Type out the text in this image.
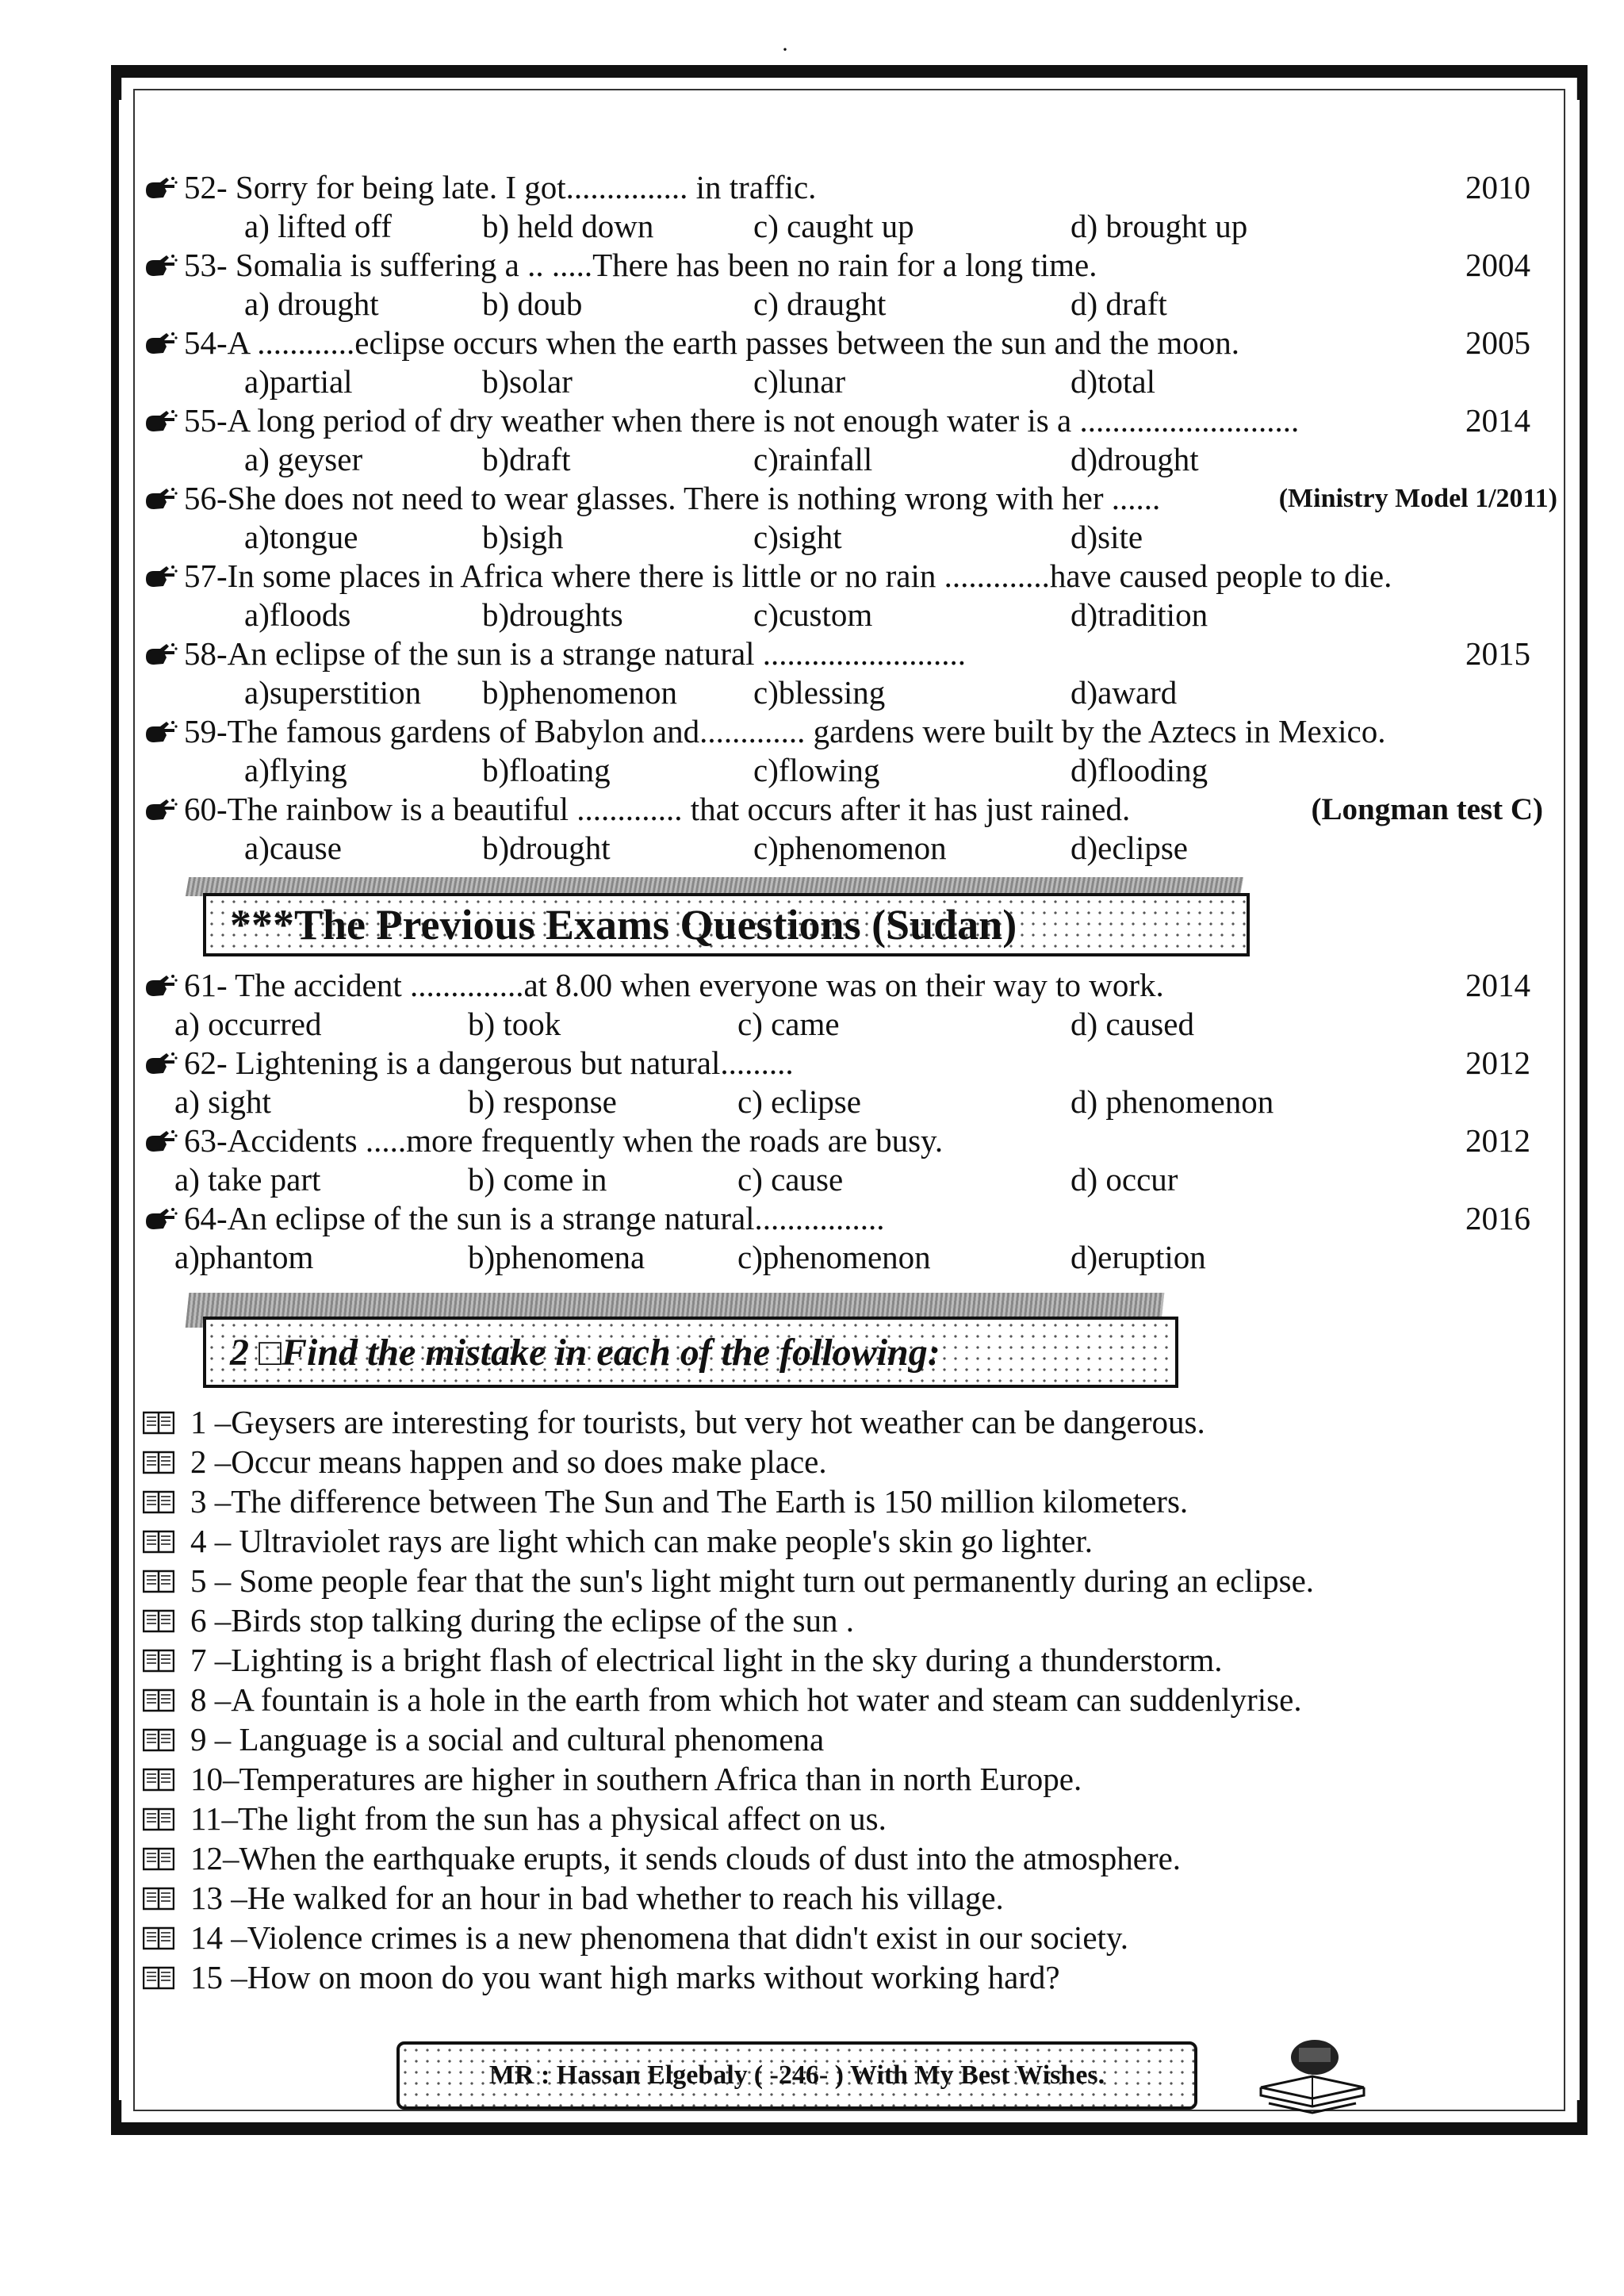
·
52- Sorry for being late. I got............... in traffic.	2010
a) lifted off	b) held down	c) caught up	d) brought up
53- Somalia is suffering a .. .....There has been no rain for a long time.	2004
a) drought	b) doub	c) draught	d) draft
54-A ............eclipse occurs when the earth passes between the sun and the moon.	2005
a)partial	b)solar	c)lunar	d)total
55-A long period of dry weather when there is not enough water is a ...........................	2014
a) geyser	b)draft	c)rainfall	d)drought
56-She does not need to wear glasses. There is nothing wrong with her ......	(Ministry Model 1/2011)
a)tongue	b)sigh	c)sight	d)site
57-In some places in Africa where there is little or no rain .............have caused people to die.
a)floods	b)droughts	c)custom	d)tradition
58-An eclipse of the sun is a strange natural .........................	2015
a)superstition b)phenomenon c)blessing	d)award
59-The famous gardens of Babylon and............. gardens were built by the Aztecs in Mexico.
a)flying	b)floating	c)flowing	d)flooding
60-The rainbow is a beautiful ............. that occurs after it has just rained.	(Longman test C)
a)cause	b)drought	c)phenomenon	d)eclipse
***The Previous Exams Questions (Sudan)
61- The accident ..............at 8.00 when everyone was on their way to work.	2014
a) occurred	b) took	c) came	d) caused
62- Lightening is a dangerous but natural.........	2012
a) sight	b) response	c) eclipse	d) phenomenon
63-Accidents .....more frequently when the roads are busy.	2012
a) take part	b) come in	c) cause	d) occur
64-An eclipse of the sun is a strange natural................	2016
a)phantom	b)phenomena	c)phenomenon	d)eruption
2 □Find the mistake in each of the following:
1 –Geysers are interesting for tourists, but very hot weather can be dangerous.
2 –Occur means happen and so does make place.
3 –The difference between The Sun and The Earth is 150 million kilometers.
4 – Ultraviolet rays are light which can make people's skin go lighter.
5 – Some people fear that the sun's light might turn out permanently during an eclipse.
6 –Birds stop talking during the eclipse of the sun .
7 –Lighting is a bright flash of electrical light in the sky during a thunderstorm.
8 –A fountain is a hole in the earth from which hot water and steam can suddenlyrise.
9 – Language is a social and cultural phenomena
10–Temperatures are higher in southern Africa than in north Europe.
11–The light from the sun has a physical affect on us.
12–When the earthquake erupts, it sends clouds of dust into the atmosphere.
13 –He walked for an hour in bad whether to reach his village.
14 –Violence crimes is a new phenomena that didn't exist in our society.
15 –How on moon do you want high marks without working hard?
MR : Hassan Elgebaly ( -246- ) With My Best Wishes.
